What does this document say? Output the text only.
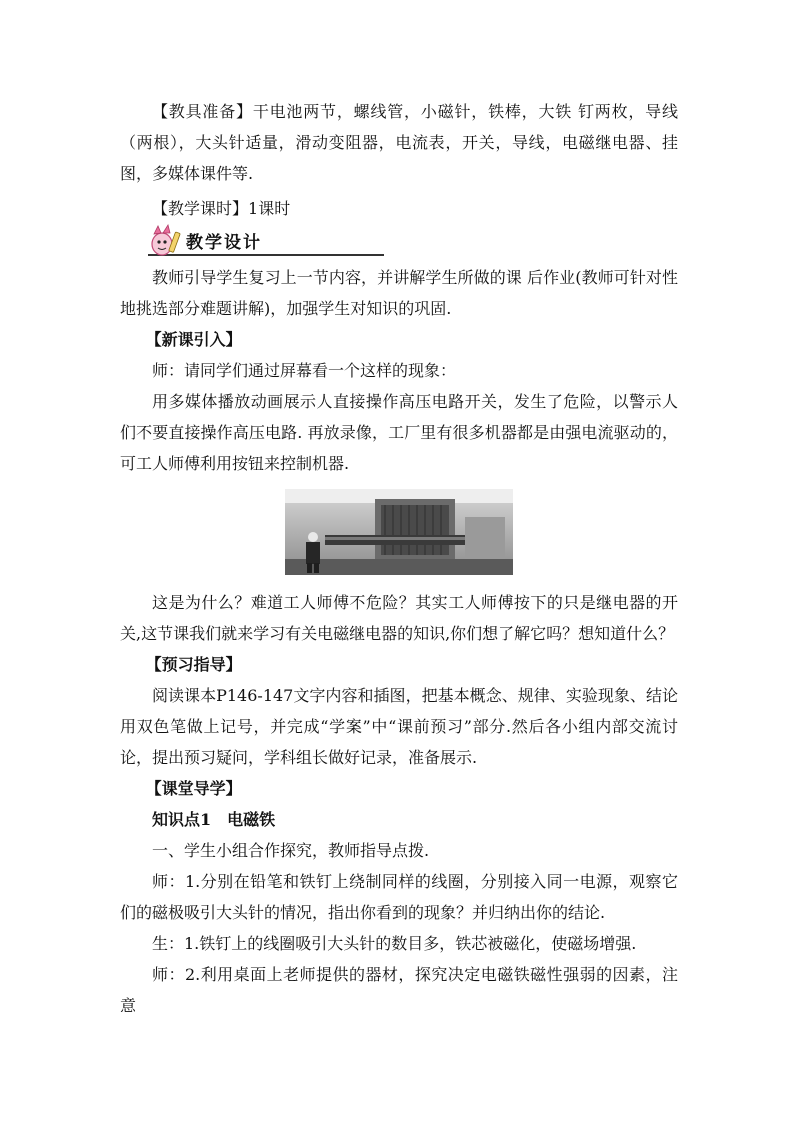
【教具准备】干电池两节，螺线管，小磁针，铁棒，大铁 钉两枚，导线（两根），大头针适量，滑动变阻器，电流表，开关，导线，电磁继电器、挂图，多媒体课件等.

【教学课时】1课时

教学设计

教师引导学生复习上一节内容，并讲解学生所做的课 后作业(教师可针对性地挑选部分难题讲解)，加强学生对知识的巩固.

【新课引入】

师：请同学们通过屏幕看一个这样的现象：

用多媒体播放动画展示人直接操作高压电路开关，发生了危险，以警示人们不要直接操作高压电路. 再放录像，工厂里有很多机器都是由强电流驱动的，可工人师傅利用按钮来控制机器.

这是为什么？难道工人师傅不危险？其实工人师傅按下的只是继电器的开关,这节课我们就来学习有关电磁继电器的知识,你们想了解它吗？想知道什么？

【预习指导】

阅读课本P146-147文字内容和插图，把基本概念、规律、实验现象、结论用双色笔做上记号，并完成“学案”中“课前预习”部分.然后各小组内部交流讨论，提出预习疑问，学科组长做好记录，准备展示.

【课堂导学】

知识点1　电磁铁

一、学生小组合作探究，教师指导点拨.

师：1.分别在铅笔和铁钉上绕制同样的线圈，分别接入同一电源，观察它们的磁极吸引大头针的情况，指出你看到的现象？并归纳出你的结论.

生：1.铁钉上的线圈吸引大头针的数目多，铁芯被磁化，使磁场增强.

师：2.利用桌面上老师提供的器材，探究决定电磁铁磁性强弱的因素，注意
